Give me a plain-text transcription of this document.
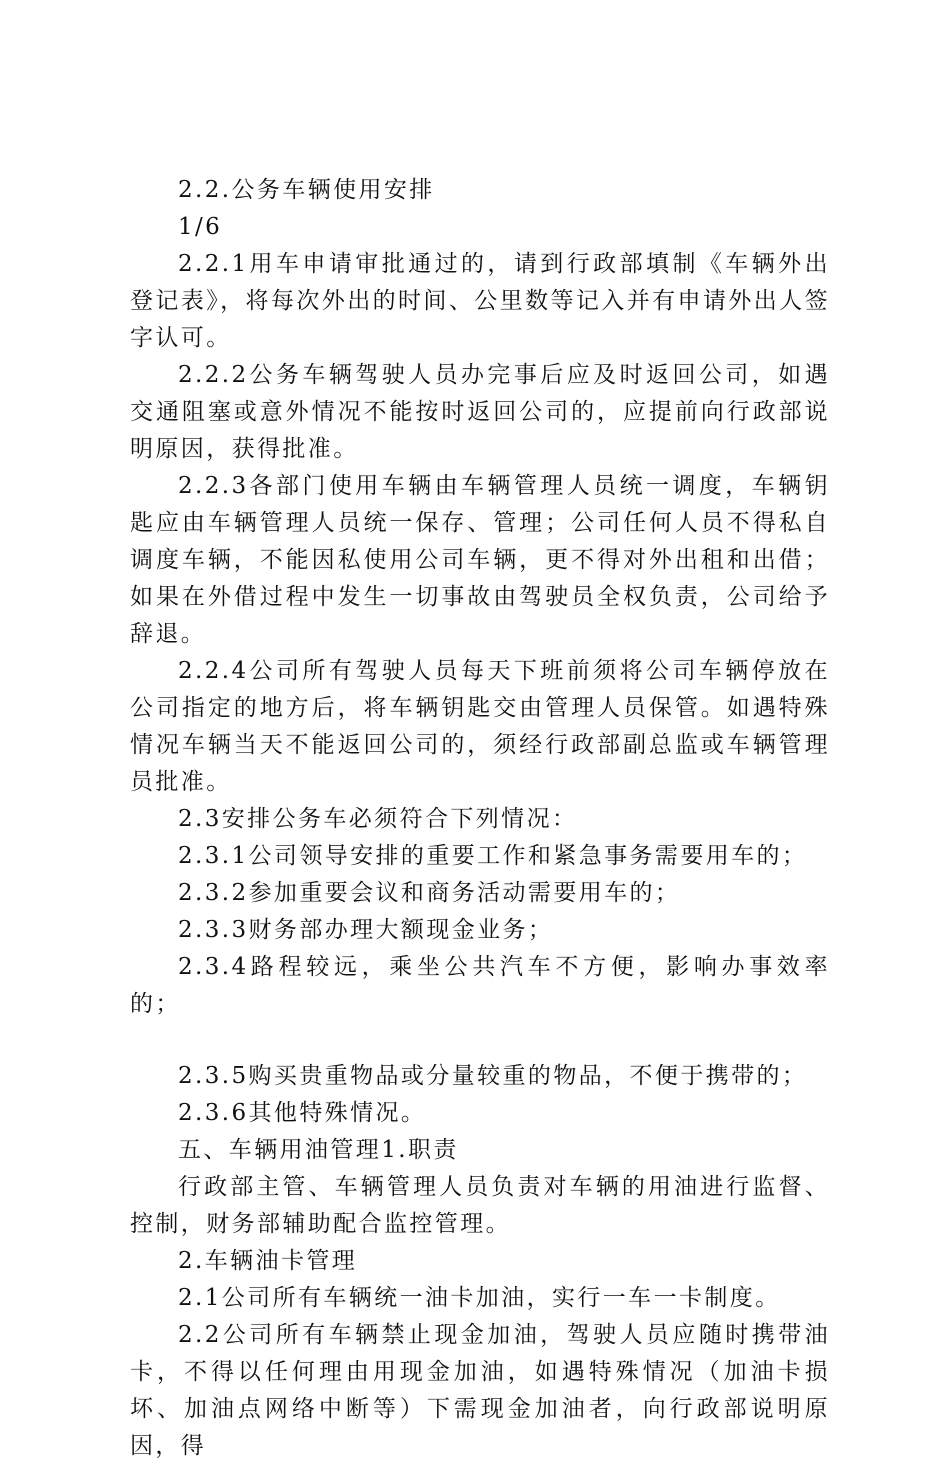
2.2.公务车辆使用安排

1/6

2.2.1用车申请审批通过的，请到行政部填制《车辆外出登记表》，将每次外出的时间、公里数等记入并有申请外出人签字认可。

2.2.2公务车辆驾驶人员办完事后应及时返回公司，如遇交通阻塞或意外情况不能按时返回公司的，应提前向行政部说明原因，获得批准。

2.2.3各部门使用车辆由车辆管理人员统一调度，车辆钥匙应由车辆管理人员统一保存、管理；公司任何人员不得私自调度车辆，不能因私使用公司车辆，更不得对外出租和出借；如果在外借过程中发生一切事故由驾驶员全权负责，公司给予辞退。

2.2.4公司所有驾驶人员每天下班前须将公司车辆停放在公司指定的地方后，将车辆钥匙交由管理人员保管。如遇特殊情况车辆当天不能返回公司的，须经行政部副总监或车辆管理员批准。

2.3安排公务车必须符合下列情况：

2.3.1公司领导安排的重要工作和紧急事务需要用车的；

2.3.2参加重要会议和商务活动需要用车的；

2.3.3财务部办理大额现金业务；

2.3.4路程较远，乘坐公共汽车不方便，影响办事效率的；

2.3.5购买贵重物品或分量较重的物品，不便于携带的；

2.3.6其他特殊情况。

五、车辆用油管理1.职责

行政部主管、车辆管理人员负责对车辆的用油进行监督、控制，财务部辅助配合监控管理。

2.车辆油卡管理

2.1公司所有车辆统一油卡加油，实行一车一卡制度。

2.2公司所有车辆禁止现金加油，驾驶人员应随时携带油卡，不得以任何理由用现金加油，如遇特殊情况（加油卡损坏、加油点网络中断等）下需现金加油者，向行政部说明原因，得
